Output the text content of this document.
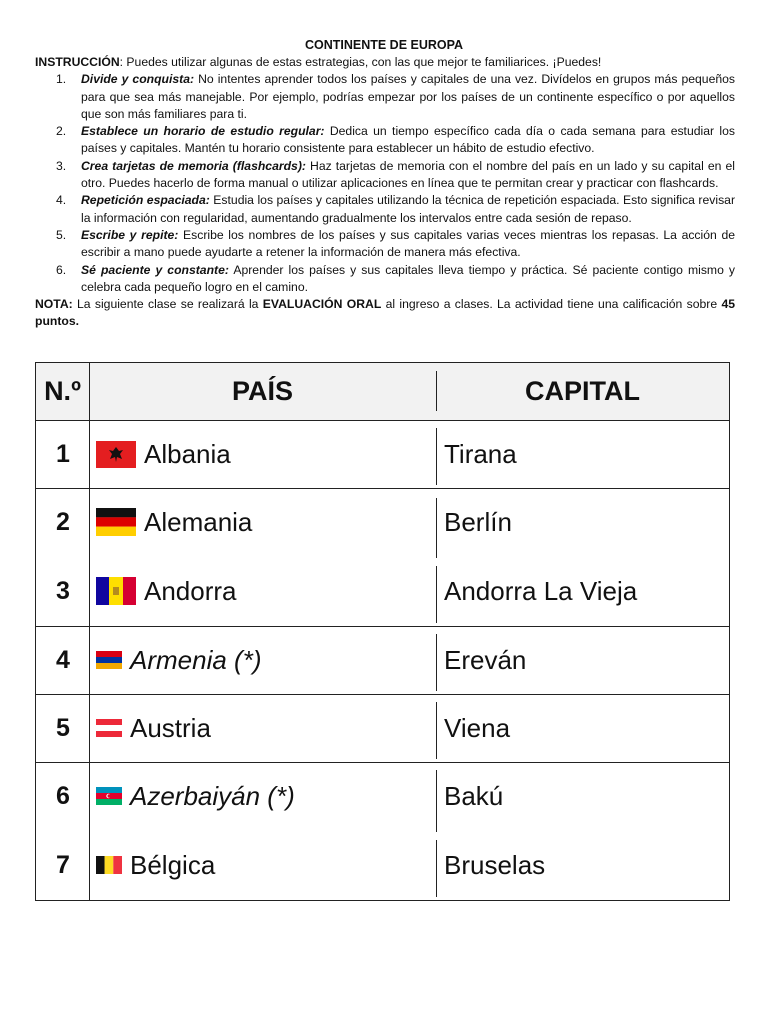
CONTINENTE DE EUROPA
INSTRUCCIÓN: Puedes utilizar algunas de estas estrategias, con las que mejor te familiarices. ¡Puedes!
1. Divide y conquista: No intentes aprender todos los países y capitales de una vez. Divídelos en grupos más pequeños para que sea más manejable. Por ejemplo, podrías empezar por los países de un continente específico o por aquellos que son más familiares para ti.
2. Establece un horario de estudio regular: Dedica un tiempo específico cada día o cada semana para estudiar los países y capitales. Mantén tu horario consistente para establecer un hábito de estudio efectivo.
3. Crea tarjetas de memoria (flashcards): Haz tarjetas de memoria con el nombre del país en un lado y su capital en el otro. Puedes hacerlo de forma manual o utilizar aplicaciones en línea que te permitan crear y practicar con flashcards.
4. Repetición espaciada: Estudia los países y capitales utilizando la técnica de repetición espaciada. Esto significa revisar la información con regularidad, aumentando gradualmente los intervalos entre cada sesión de repaso.
5. Escribe y repite: Escribe los nombres de los países y sus capitales varias veces mientras los repasas. La acción de escribir a mano puede ayudarte a retener la información de manera más efectiva.
6. Sé paciente y constante: Aprender los países y sus capitales lleva tiempo y práctica. Sé paciente contigo mismo y celebra cada pequeño logro en el camino.
NOTA: La siguiente clase se realizará la EVALUACIÓN ORAL al ingreso a clases. La actividad tiene una calificación sobre 45 puntos.
N.º	PAÍS	CAPITAL
1	Albania	Tirana
2	Alemania	Berlín
3	Andorra	Andorra La Vieja
4	Armenia (*)	Ereván
5	Austria	Viena
6	Azerbaiyán (*)	Bakú
7	Bélgica	Bruselas
